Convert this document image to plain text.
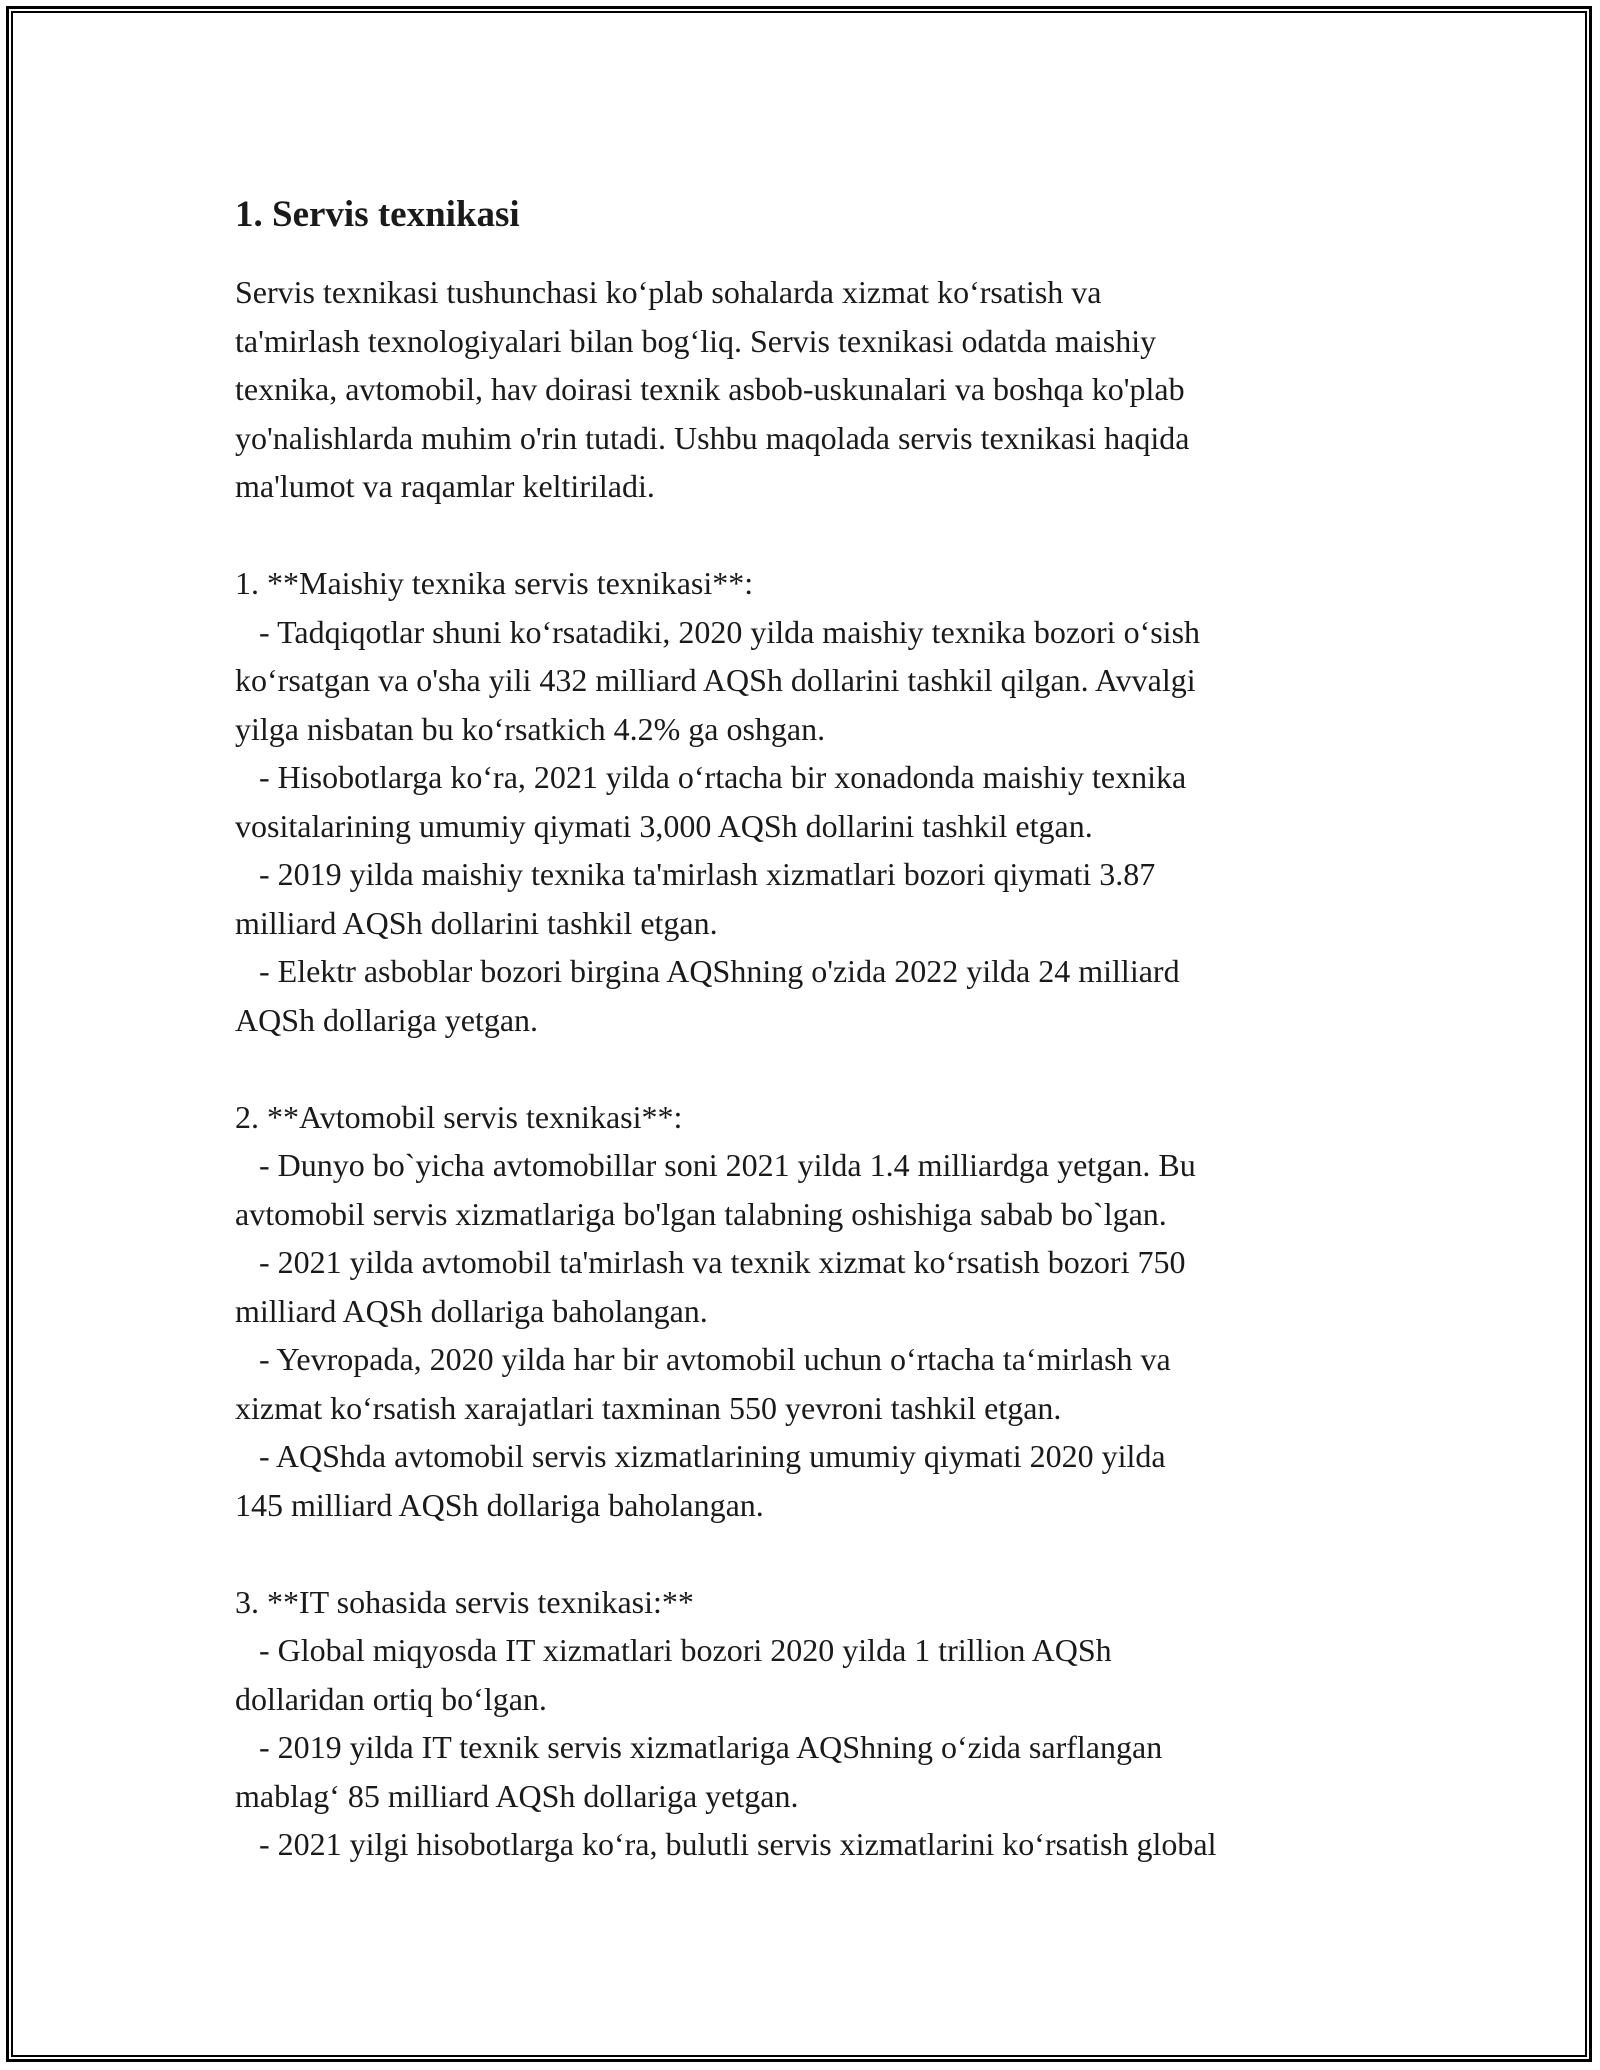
1. Servis texnikasi

Servis texnikasi tushunchasi ko‘plab sohalarda xizmat ko‘rsatish va
ta'mirlash texnologiyalari bilan bog‘liq. Servis texnikasi odatda maishiy
texnika, avtomobil, hav doirasi texnik asbob-uskunalari va boshqa ko'plab
yo'nalishlarda muhim o'rin tutadi. Ushbu maqolada servis texnikasi haqida
ma'lumot va raqamlar keltiriladi.

1. **Maishiy texnika servis texnikasi**:
- Tadqiqotlar shuni ko‘rsatadiki, 2020 yilda maishiy texnika bozori o‘sish
ko‘rsatgan va o'sha yili 432 milliard AQSh dollarini tashkil qilgan. Avvalgi
yilga nisbatan bu ko‘rsatkich 4.2% ga oshgan.
- Hisobotlarga ko‘ra, 2021 yilda o‘rtacha bir xonadonda maishiy texnika
vositalarining umumiy qiymati 3,000 AQSh dollarini tashkil etgan.
- 2019 yilda maishiy texnika ta'mirlash xizmatlari bozori qiymati 3.87
milliard AQSh dollarini tashkil etgan.
- Elektr asboblar bozori birgina AQShning o'zida 2022 yilda 24 milliard
AQSh dollariga yetgan.
2. **Avtomobil servis texnikasi**:
- Dunyo bo`yicha avtomobillar soni 2021 yilda 1.4 milliardga yetgan. Bu
avtomobil servis xizmatlariga bo'lgan talabning oshishiga sabab bo`lgan.
- 2021 yilda avtomobil ta'mirlash va texnik xizmat ko‘rsatish bozori 750
milliard AQSh dollariga baholangan.
- Yevropada, 2020 yilda har bir avtomobil uchun o‘rtacha ta‘mirlash va
xizmat ko‘rsatish xarajatlari taxminan 550 yevroni tashkil etgan.
- AQShda avtomobil servis xizmatlarining umumiy qiymati 2020 yilda
145 milliard AQSh dollariga baholangan.
3. **IT sohasida servis texnikasi:**
- Global miqyosda IT xizmatlari bozori 2020 yilda 1 trillion AQSh
dollaridan ortiq bo‘lgan.
- 2019 yilda IT texnik servis xizmatlariga AQShning o‘zida sarflangan
mablag‘ 85 milliard AQSh dollariga yetgan.
- 2021 yilgi hisobotlarga ko‘ra, bulutli servis xizmatlarini ko‘rsatish global
